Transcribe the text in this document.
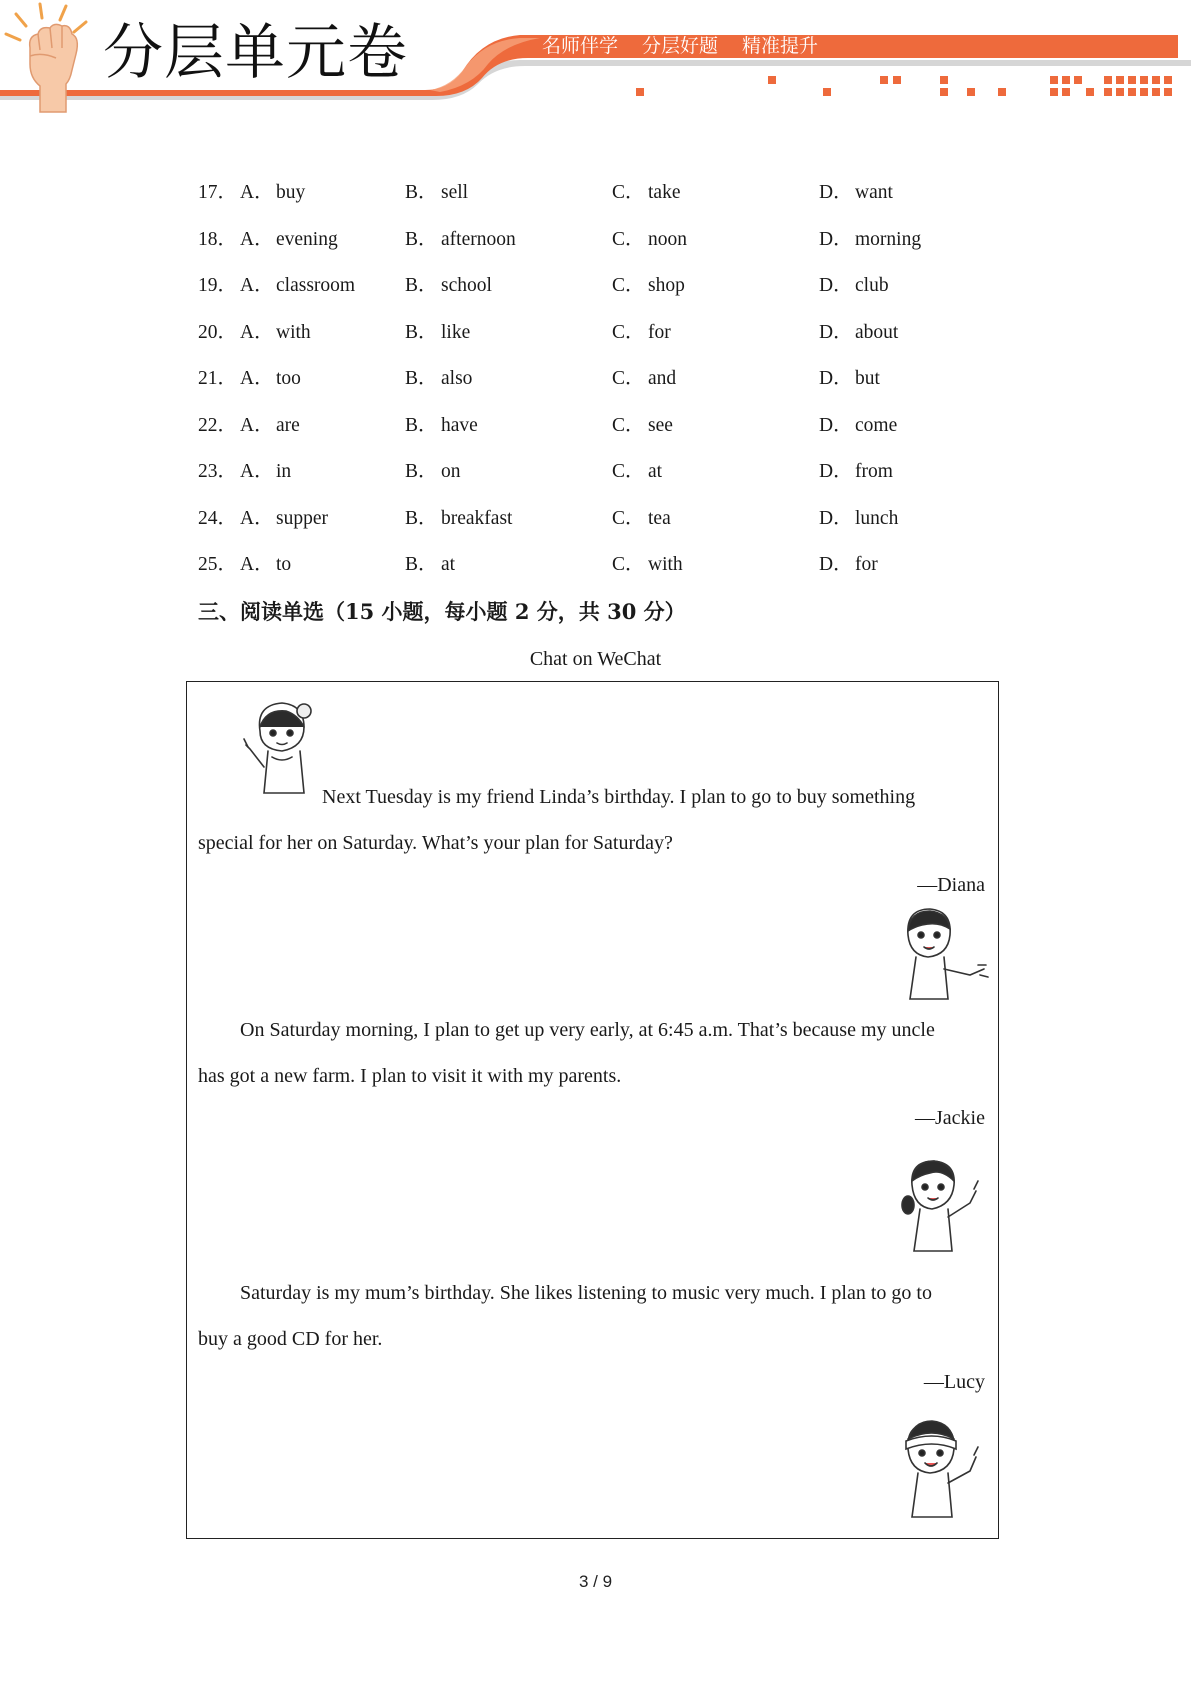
分层单元卷	名师伴学 分层好题 精准提升
17． A． buy	B． sell	C． take	D． want
18． A． evening	B． afternoon	C． noon	D． morning
19． A． classroom	B． school	C． shop	D． club
20． A． with	B． like	C． for	D． about
21． A． too	B． also	C． and	D． but
22． A． are	B． have	C． see	D． come
23． A． in	B． on	C． at	D． from
24． A． supper	B． breakfast	C． tea	D． lunch
25． A． to	B． at	C． with	D． for
三、阅读单选（15 小题，每小题 2 分，共 30 分）
Chat on WeChat
Next Tuesday is my friend Linda’s birthday. I plan to go to buy something
special for her on Saturday. What’s your plan for Saturday?
—Diana
On Saturday morning, I plan to get up very early, at 6:45 a.m. That’s because my uncle
has got a new farm. I plan to visit it with my parents.
—Jackie
Saturday is my mum’s birthday. She likes listening to music very much. I plan to go to
buy a good CD for her.
—Lucy
3 / 9
